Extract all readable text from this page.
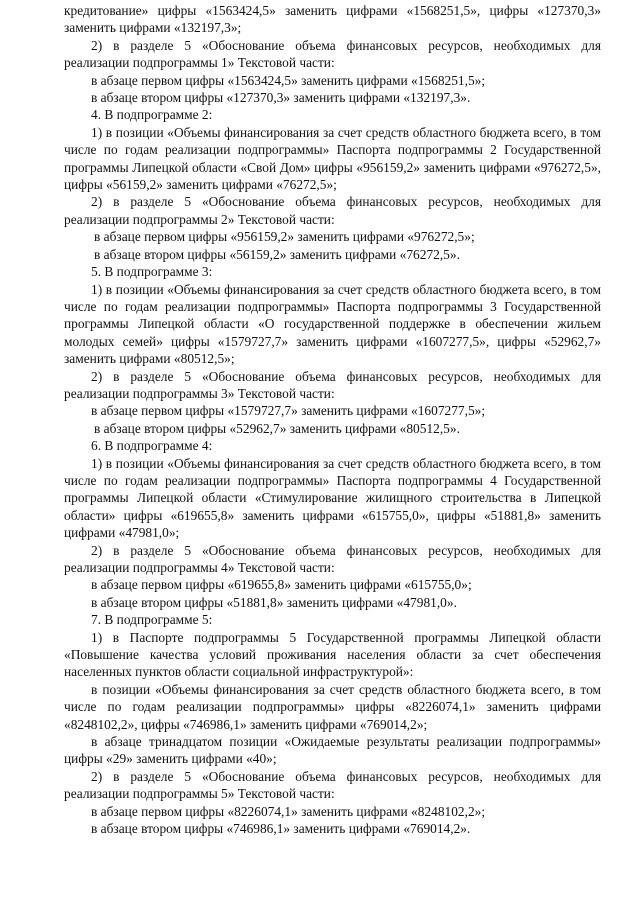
кредитование» цифры «1563424,5» заменить цифрами «1568251,5», цифры «127370,3» заменить цифрами «132197,3»;

2) в разделе 5 «Обоснование объема финансовых ресурсов, необходимых для реализации подпрограммы 1» Текстовой части:

в абзаце первом цифры «1563424,5» заменить цифрами «1568251,5»;

в абзаце втором цифры «127370,3» заменить цифрами «132197,3».

4. В подпрограмме 2:

1) в позиции «Объемы финансирования за счет средств областного бюджета всего, в том числе по годам реализации подпрограммы» Паспорта подпрограммы 2 Государственной программы Липецкой области «Свой Дом» цифры «956159,2» заменить цифрами «976272,5», цифры «56159,2» заменить цифрами «76272,5»;

2) в разделе 5 «Обоснование объема финансовых ресурсов, необходимых для реализации подпрограммы 2» Текстовой части:

в абзаце первом цифры «956159,2» заменить цифрами «976272,5»;

в абзаце втором цифры «56159,2» заменить цифрами «76272,5».

5. В подпрограмме 3:

1) в позиции «Объемы финансирования за счет средств областного бюджета всего, в том числе по годам реализации подпрограммы» Паспорта подпрограммы 3 Государственной программы Липецкой области «О государственной поддержке в обеспечении жильем молодых семей» цифры «1579727,7» заменить цифрами «1607277,5», цифры «52962,7» заменить цифрами «80512,5»;

2) в разделе 5 «Обоснование объема финансовых ресурсов, необходимых для реализации подпрограммы 3» Текстовой части:

в абзаце первом цифры «1579727,7» заменить цифрами «1607277,5»;

в абзаце втором цифры «52962,7» заменить цифрами «80512,5».

6. В подпрограмме 4:

1) в позиции «Объемы финансирования за счет средств областного бюджета всего, в том числе по годам реализации подпрограммы» Паспорта подпрограммы 4 Государственной программы Липецкой области «Стимулирование жилищного строительства в Липецкой области» цифры «619655,8» заменить цифрами «615755,0», цифры «51881,8» заменить цифрами «47981,0»;

2) в разделе 5 «Обоснование объема финансовых ресурсов, необходимых для реализации подпрограммы 4» Текстовой части:

в абзаце первом цифры «619655,8» заменить цифрами «615755,0»;

в абзаце втором цифры «51881,8» заменить цифрами «47981,0».

7. В подпрограмме 5:

1) в Паспорте подпрограммы 5 Государственной программы Липецкой области «Повышение качества условий проживания населения области за счет обеспечения населенных пунктов области социальной инфраструктурой»:

в позиции «Объемы финансирования за счет средств областного бюджета всего, в том числе по годам реализации подпрограммы» цифры «8226074,1» заменить цифрами «8248102,2», цифры «746986,1» заменить цифрами «769014,2»;

в абзаце тринадцатом позиции «Ожидаемые результаты реализации подпрограммы» цифры «29» заменить цифрами «40»;

2) в разделе 5 «Обоснование объема финансовых ресурсов, необходимых для реализации подпрограммы 5» Текстовой части:

в абзаце первом цифры «8226074,1» заменить цифрами «8248102,2»;

в абзаце втором цифры «746986,1» заменить цифрами «769014,2».
